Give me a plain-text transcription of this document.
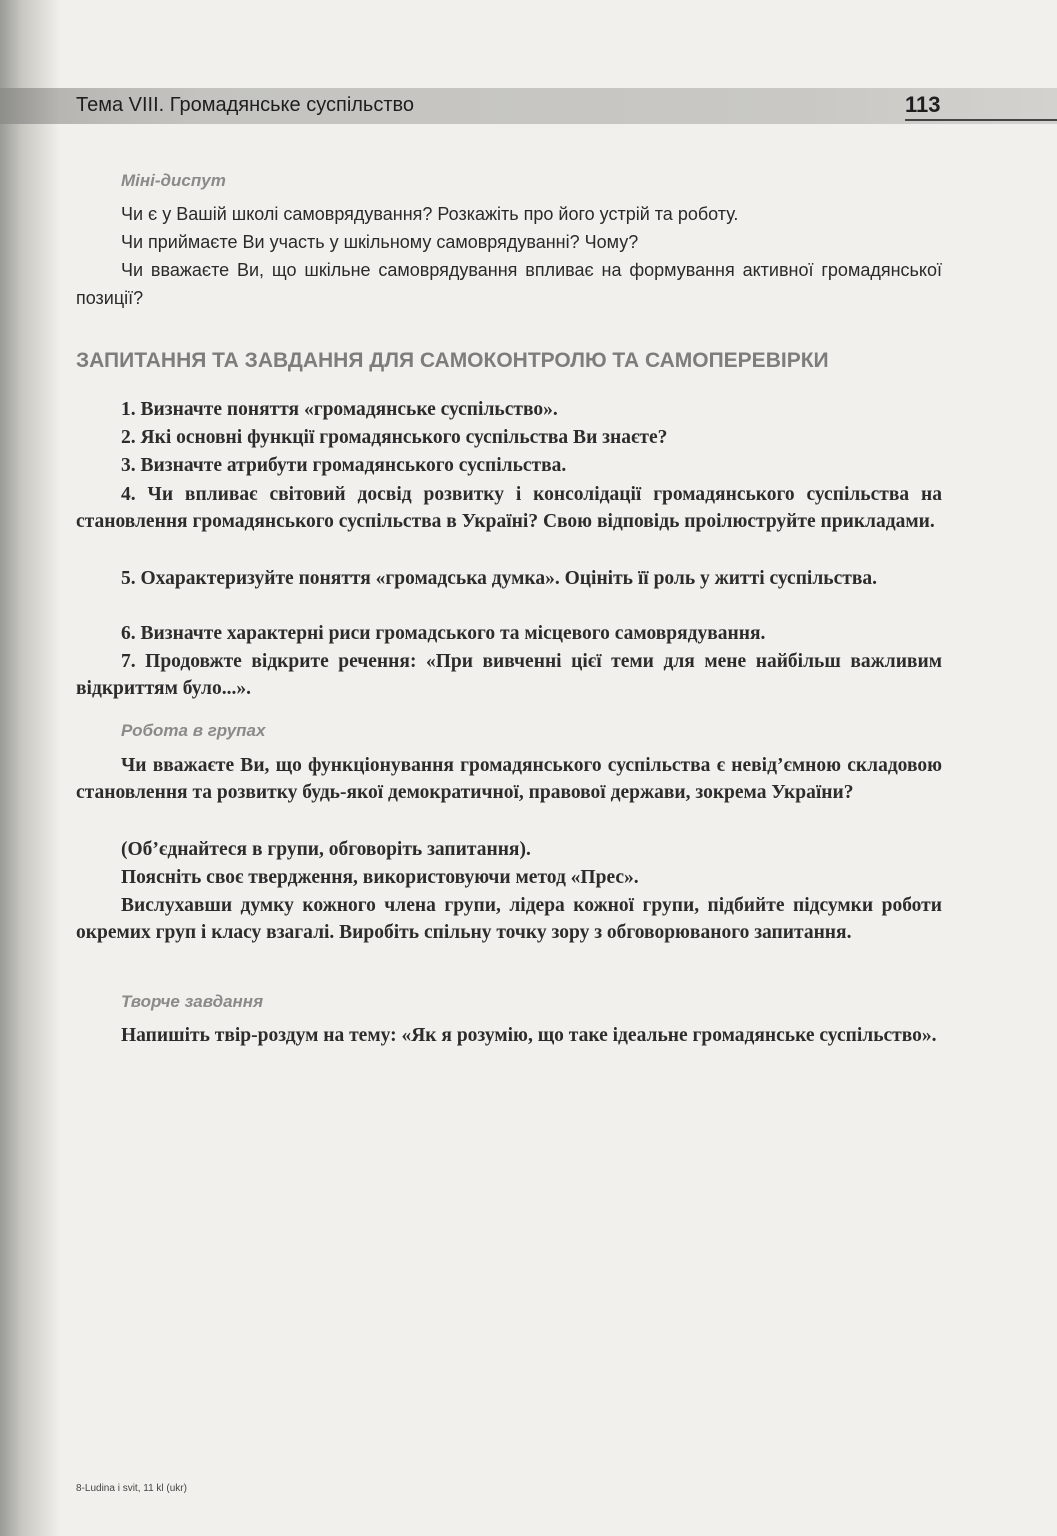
Тема VIII. Громадянське суспільство	113
Міні-диспут

Чи є у Вашій школі самоврядування? Розкажіть про його устрій та роботу.

Чи приймаєте Ви участь у шкільному самоврядуванні? Чому?

Чи вважаєте Ви, що шкільне самоврядування впливає на формування активної громадянської позиції?

ЗАПИТАННЯ ТА ЗАВДАННЯ ДЛЯ САМОКОНТРОЛЮ ТА САМОПЕРЕВІРКИ

1. Визначте поняття «громадянське суспільство».

2. Які основні функції громадянського суспільства Ви знаєте?

3. Визначте атрибути громадянського суспільства.

4. Чи впливає світовий досвід розвитку і консолідації громадянського суспільства на становлення громадянського суспільства в Україні? Свою відповідь проілюструйте прикладами.

5. Охарактеризуйте поняття «громадська думка». Оцініть її роль у житті суспільства.

6. Визначте характерні риси громадського та місцевого самоврядування.

7. Продовжте відкрите речення: «При вивченні цієї теми для мене найбільш важливим відкриттям було...».

Робота в групах

Чи вважаєте Ви, що функціонування громадянського суспільства є невід’ємною складовою становлення та розвитку будь-якої демократичної, правової держави, зокрема України?

(Об’єднайтеся в групи, обговоріть запитання).

Поясніть своє твердження, використовуючи метод «Прес».

Вислухавши думку кожного члена групи, лідера кожної групи, підбийте підсумки роботи окремих груп і класу взагалі. Виробіть спільну точку зору з обговорюваного запитання.

Творче завдання

Напишіть твір-роздум на тему: «Як я розумію, що таке ідеальне громадянське суспільство».

8-Ludina i svit, 11 kl (ukr)
